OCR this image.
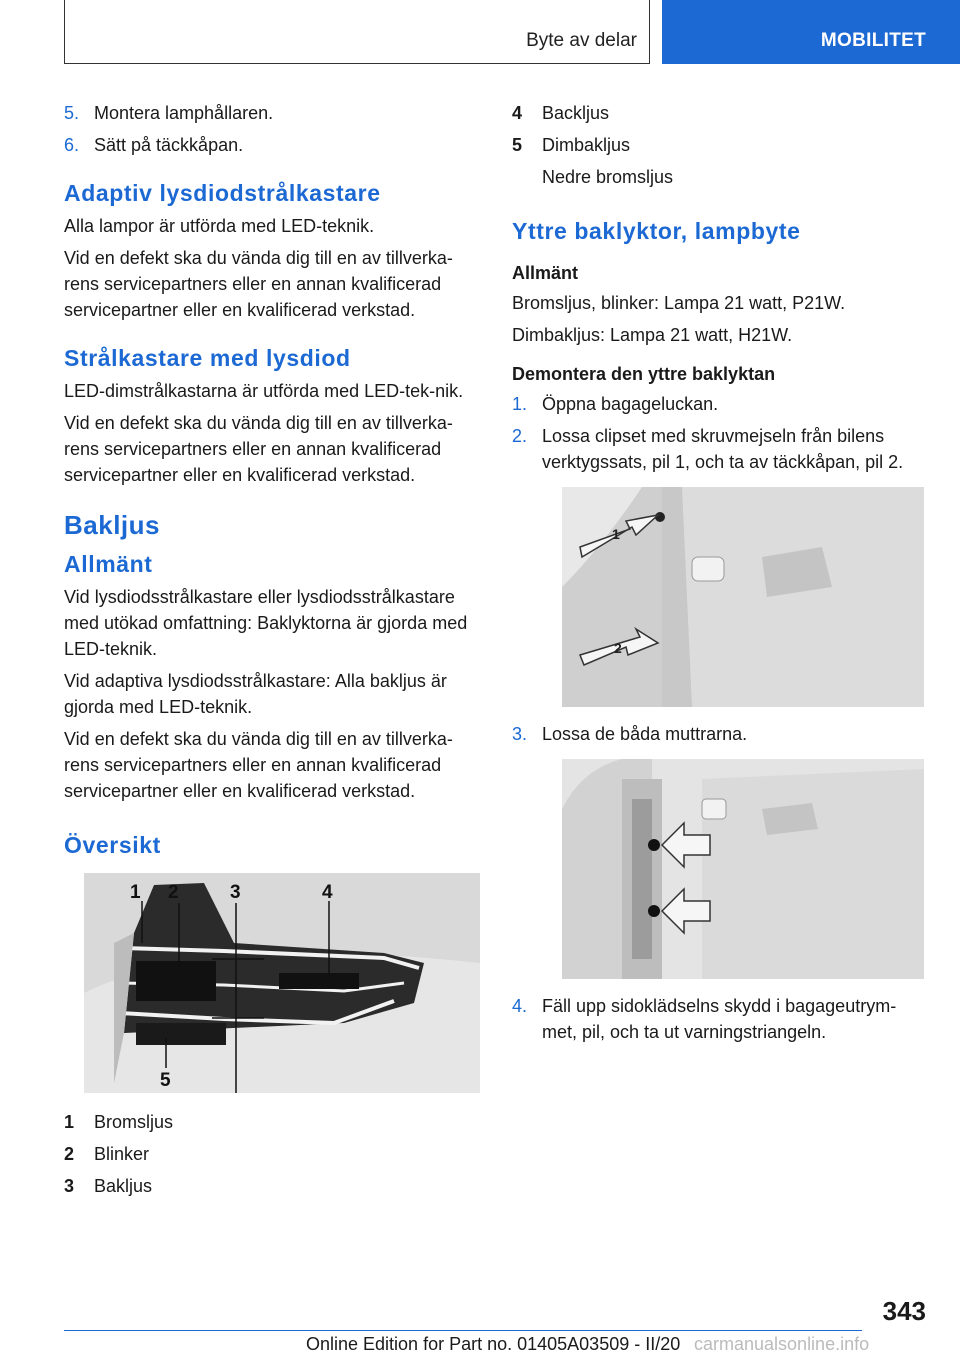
Byte av delar	MOBILITET
5. Montera lamphållaren.
6. Sätt på täckkåpan.
Adaptiv lysdiodstrålkastare

Alla lampor är utförda med LED-teknik.

Vid en defekt ska du vända dig till en av tillverka‐rens servicepartners eller en annan kvalificerad servicepartner eller en kvalificerad verkstad.

Strålkastare med lysdiod

LED-dimstrålkastarna är utförda med LED-tek‐nik.

Vid en defekt ska du vända dig till en av tillverka‐rens servicepartners eller en annan kvalificerad servicepartner eller en kvalificerad verkstad.

Bakljus
Allmänt

Vid lysdiodsstrålkastare eller lysdiodsstrålkastare med utökad omfattning: Baklyktorna är gjorda med LED-teknik.

Vid adaptiva lysdiodsstrålkastare: Alla bakljus är gjorda med LED-teknik.

Vid en defekt ska du vända dig till en av tillverka‐rens servicepartners eller en annan kvalificerad servicepartner eller en kvalificerad verkstad.

Översikt
1 2	3	4
5
1	Bromsljus
2	Blinker
3	Bakljus
4	Backljus
5	Dimbakljus
Nedre bromsljus
Yttre baklyktor, lampbyte
Allmänt

Bromsljus, blinker: Lampa 21 watt, P21W.

Dimbakljus: Lampa 21 watt, H21W.

Demontera den yttre baklyktan
1. Öppna bagageluckan.
2. Lossa clipset med skruvmejseln från bilens verktygssats, pil 1, och ta av täckkåpan, pil 2.
1
2
3. Lossa de båda muttrarna.
4. Fäll upp sidoklädselns skydd i bagageutrym‐met, pil, och ta ut varningstriangeln.
343
Online Edition for Part no. 01405A03509 - II/20 carmanualsonline.info
